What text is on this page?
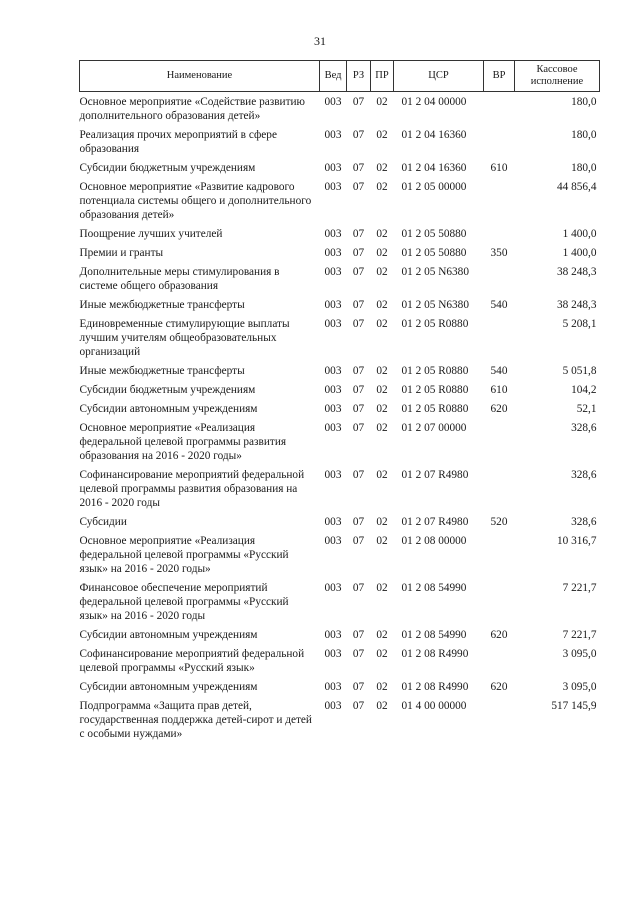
31
Наименование	Вед	РЗ	ПР	ЦСР	ВР	Кассовое исполнение
Основное мероприятие «Содействие развитию дополнительного образования детей»	003	07	02	01 2 04 00000		180,0
Реализация прочих мероприятий в сфере образования	003	07	02	01 2 04 16360		180,0
Субсидии бюджетным учреждениям	003	07	02	01 2 04 16360	610	180,0
Основное мероприятие «Развитие кадрового потенциала системы общего и дополнительного образования детей»	003	07	02	01 2 05 00000		44 856,4
Поощрение лучших учителей	003	07	02	01 2 05 50880		1 400,0
Премии и гранты	003	07	02	01 2 05 50880	350	1 400,0
Дополнительные меры стимулирования в системе общего образования	003	07	02	01 2 05 N6380		38 248,3
Иные межбюджетные трансферты	003	07	02	01 2 05 N6380	540	38 248,3
Единовременные стимулирующие выплаты лучшим учителям общеобразовательных организаций	003	07	02	01 2 05 R0880		5 208,1
Иные межбюджетные трансферты	003	07	02	01 2 05 R0880	540	5 051,8
Субсидии бюджетным учреждениям	003	07	02	01 2 05 R0880	610	104,2
Субсидии автономным учреждениям	003	07	02	01 2 05 R0880	620	52,1
Основное мероприятие «Реализация федеральной целевой программы развития образования на 2016 - 2020 годы»	003	07	02	01 2 07 00000		328,6
Софинансирование мероприятий федеральной целевой программы развития образования на 2016 - 2020 годы	003	07	02	01 2 07 R4980		328,6
Субсидии	003	07	02	01 2 07 R4980	520	328,6
Основное мероприятие «Реализация федеральной целевой программы «Русский язык» на 2016 - 2020 годы»	003	07	02	01 2 08 00000		10 316,7
Финансовое обеспечение мероприятий федеральной целевой программы «Русский язык» на 2016 - 2020 годы	003	07	02	01 2 08 54990		7 221,7
Субсидии автономным учреждениям	003	07	02	01 2 08 54990	620	7 221,7
Софинансирование мероприятий федеральной целевой программы «Русский язык»	003	07	02	01 2 08 R4990		3 095,0
Субсидии автономным учреждениям	003	07	02	01 2 08 R4990	620	3 095,0
Подпрограмма «Защита прав детей, государственная поддержка детей-сирот и детей с особыми нуждами»	003	07	02	01 4 00 00000		517 145,9
